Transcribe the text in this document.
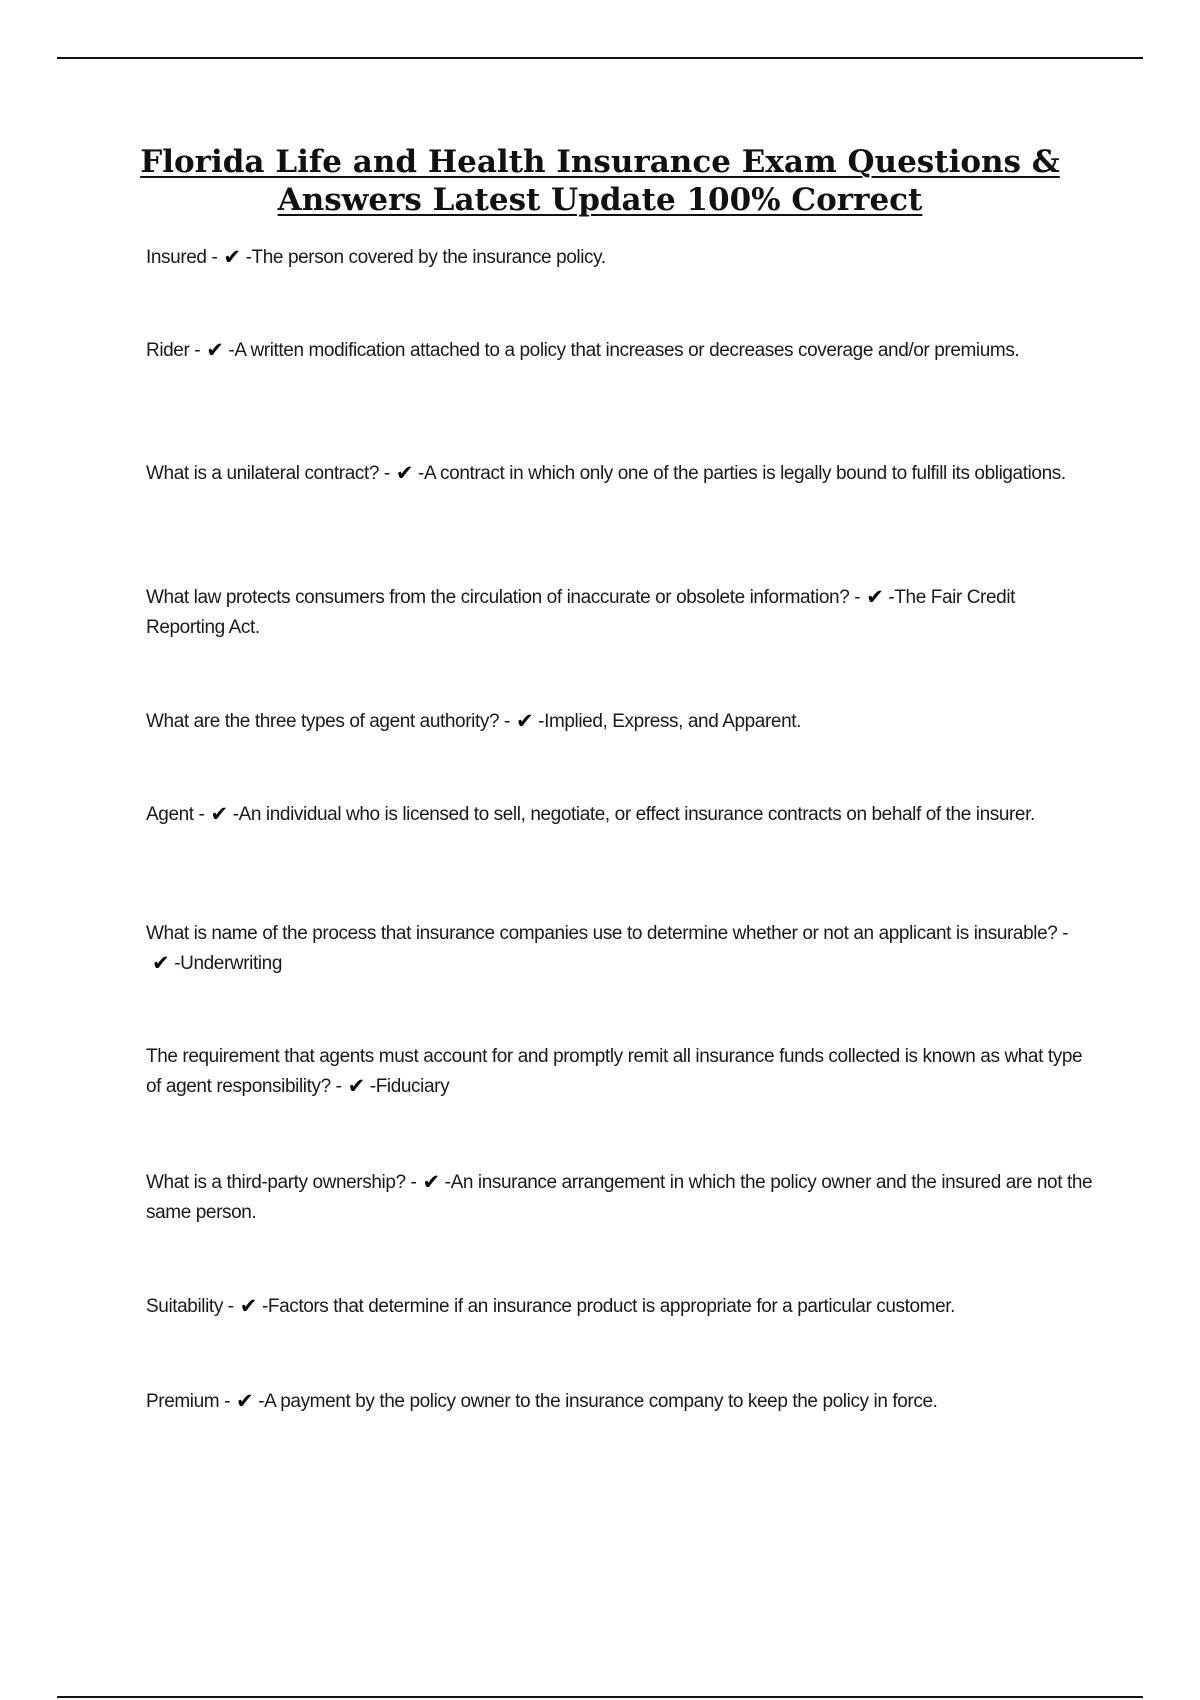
Florida Life and Health Insurance Exam Questions &
Answers Latest Update 100% Correct

Insured - ✔ -The person covered by the insurance policy.

Rider - ✔ -A written modification attached to a policy that increases or decreases coverage and/or premiums.

What is a unilateral contract? - ✔ -A contract in which only one of the parties is legally bound to fulfill its obligations.

What law protects consumers from the circulation of inaccurate or obsolete information? - ✔ -The Fair Credit Reporting Act.

What are the three types of agent authority? - ✔ -Implied, Express, and Apparent.

Agent - ✔ -An individual who is licensed to sell, negotiate, or effect insurance contracts on behalf of the insurer.

What is name of the process that insurance companies use to determine whether or not an applicant is insurable? -✔ -Underwriting

The requirement that agents must account for and promptly remit all insurance funds collected is known as what type of agent responsibility? - ✔ -Fiduciary

What is a third-party ownership? - ✔ -An insurance arrangement in which the policy owner and the insured are not the same person.

Suitability - ✔ -Factors that determine if an insurance product is appropriate for a particular customer.

Premium - ✔ -A payment by the policy owner to the insurance company to keep the policy in force.
